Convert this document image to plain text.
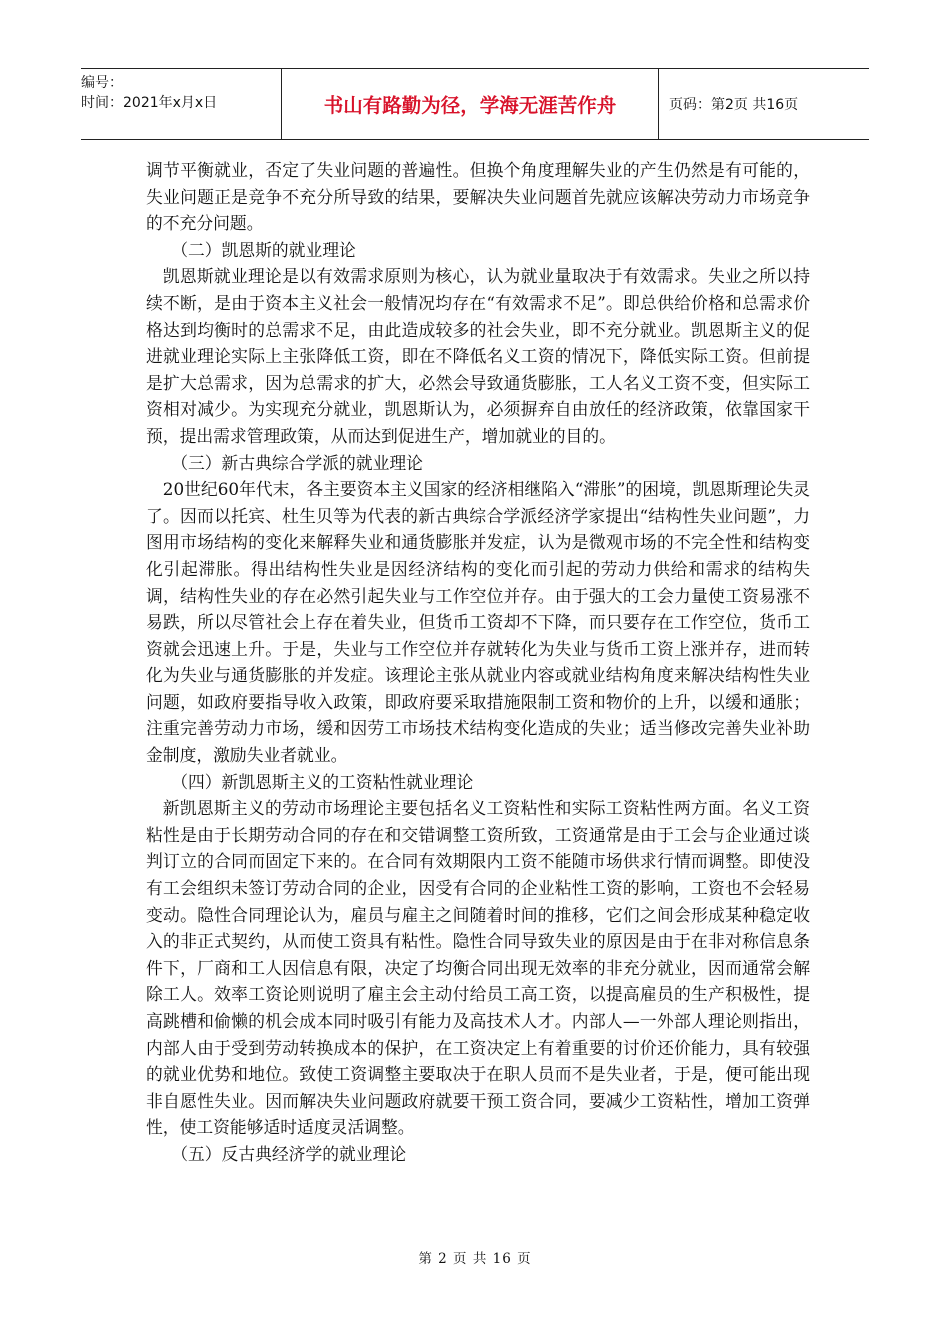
编号：
时间：2021年x月x日	书山有路勤为径，学海无涯苦作舟	页码：第2页 共16页

调节平衡就业，否定了失业问题的普遍性。但换个角度理解失业的产生仍然是有可能的，失业问题正是竞争不充分所导致的结果，要解决失业问题首先就应该解决劳动力市场竞争的不充分问题。

（二）凯恩斯的就业理论

凯恩斯就业理论是以有效需求原则为核心，认为就业量取决于有效需求。失业之所以持续不断，是由于资本主义社会一般情况均存在“有效需求不足”。即总供给价格和总需求价格达到均衡时的总需求不足，由此造成较多的社会失业，即不充分就业。凯恩斯主义的促进就业理论实际上主张降低工资，即在不降低名义工资的情况下，降低实际工资。但前提是扩大总需求，因为总需求的扩大，必然会导致通货膨胀，工人名义工资不变，但实际工资相对减少。为实现充分就业，凯恩斯认为，必须摒弃自由放任的经济政策，依靠国家干预，提出需求管理政策，从而达到促进生产，增加就业的目的。

（三）新古典综合学派的就业理论

20世纪60年代末，各主要资本主义国家的经济相继陷入“滞胀”的困境，凯恩斯理论失灵了。因而以托宾、杜生贝等为代表的新古典综合学派经济学家提出“结构性失业问题”，力图用市场结构的变化来解释失业和通货膨胀并发症，认为是微观市场的不完全性和结构变化引起滞胀。得出结构性失业是因经济结构的变化而引起的劳动力供给和需求的结构失调，结构性失业的存在必然引起失业与工作空位并存。由于强大的工会力量使工资易涨不易跌，所以尽管社会上存在着失业，但货币工资却不下降，而只要存在工作空位，货币工资就会迅速上升。于是，失业与工作空位并存就转化为失业与货币工资上涨并存，进而转化为失业与通货膨胀的并发症。该理论主张从就业内容或就业结构角度来解决结构性失业问题，如政府要指导收入政策，即政府要采取措施限制工资和物价的上升，以缓和通胀；注重完善劳动力市场，缓和因劳工市场技术结构变化造成的失业；适当修改完善失业补助金制度，激励失业者就业。

（四）新凯恩斯主义的工资粘性就业理论

新凯恩斯主义的劳动市场理论主要包括名义工资粘性和实际工资粘性两方面。名义工资粘性是由于长期劳动合同的存在和交错调整工资所致，工资通常是由于工会与企业通过谈判订立的合同而固定下来的。在合同有效期限内工资不能随市场供求行情而调整。即使没有工会组织未签订劳动合同的企业，因受有合同的企业粘性工资的影响，工资也不会轻易变动。隐性合同理论认为，雇员与雇主之间随着时间的推移，它们之间会形成某种稳定收入的非正式契约，从而使工资具有粘性。隐性合同导致失业的原因是由于在非对称信息条件下，厂商和工人因信息有限，决定了均衡合同出现无效率的非充分就业，因而通常会解除工人。效率工资论则说明了雇主会主动付给员工高工资，以提高雇员的生产积极性，提高跳槽和偷懒的机会成本同时吸引有能力及高技术人才。内部人—一外部人理论则指出，内部人由于受到劳动转换成本的保护，在工资决定上有着重要的讨价还价能力，具有较强的就业优势和地位。致使工资调整主要取决于在职人员而不是失业者，于是，便可能出现非自愿性失业。因而解决失业问题政府就要干预工资合同，要减少工资粘性，增加工资弹性，使工资能够适时适度灵活调整。

（五）反古典经济学的就业理论

第 2 页 共 16 页
